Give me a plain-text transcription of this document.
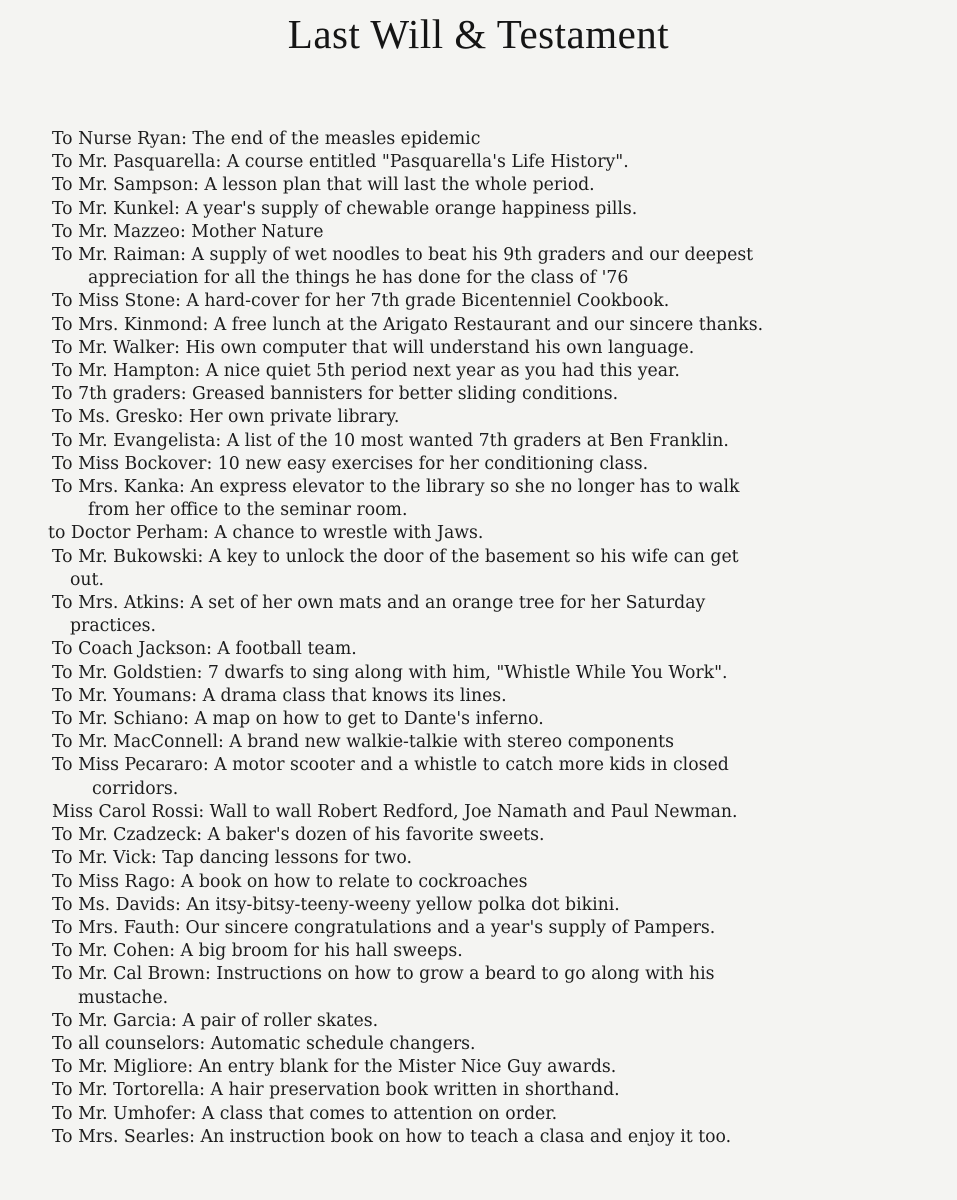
Last Will & Testament
To Nurse Ryan: The end of the measles epidemic
To Mr. Pasquarella: A course entitled "Pasquarella's Life History".
To Mr. Sampson: A lesson plan that will last the whole period.
To Mr. Kunkel: A year's supply of chewable orange happiness pills.
To Mr. Mazzeo: Mother Nature
To Mr. Raiman: A supply of wet noodles to beat his 9th graders and our deepest
appreciation for all the things he has done for the class of '76
To Miss Stone: A hard-cover for her 7th grade Bicentenniel Cookbook.
To Mrs. Kinmond: A free lunch at the Arigato Restaurant and our sincere thanks.
To Mr. Walker: His own computer that will understand his own language.
To Mr. Hampton: A nice quiet 5th period next year as you had this year.
To 7th graders: Greased bannisters for better sliding conditions.
To Ms. Gresko: Her own private library.
To Mr. Evangelista: A list of the 10 most wanted 7th graders at Ben Franklin.
To Miss Bockover: 10 new easy exercises for her conditioning class.
To Mrs. Kanka: An express elevator to the library so she no longer has to walk
from her office to the seminar room.
to Doctor Perham: A chance to wrestle with Jaws.
To Mr. Bukowski: A key to unlock the door of the basement so his wife can get
out.
To Mrs. Atkins: A set of her own mats and an orange tree for her Saturday
practices.
To Coach Jackson: A football team.
To Mr. Goldstien: 7 dwarfs to sing along with him, "Whistle While You Work".
To Mr. Youmans: A drama class that knows its lines.
To Mr. Schiano: A map on how to get to Dante's inferno.
To Mr. MacConnell: A brand new walkie-talkie with stereo components
To Miss Pecararo: A motor scooter and a whistle to catch more kids in closed
corridors.
Miss Carol Rossi: Wall to wall Robert Redford, Joe Namath and Paul Newman.
To Mr. Czadzeck: A baker's dozen of his favorite sweets.
To Mr. Vick: Tap dancing lessons for two.
To Miss Rago: A book on how to relate to cockroaches
To Ms. Davids: An itsy-bitsy-teeny-weeny yellow polka dot bikini.
To Mrs. Fauth: Our sincere congratulations and a year's supply of Pampers.
To Mr. Cohen: A big broom for his hall sweeps.
To Mr. Cal Brown: Instructions on how to grow a beard to go along with his
mustache.
To Mr. Garcia: A pair of roller skates.
To all counselors: Automatic schedule changers.
To Mr. Migliore: An entry blank for the Mister Nice Guy awards.
To Mr. Tortorella: A hair preservation book written in shorthand.
To Mr. Umhofer: A class that comes to attention on order.
To Mrs. Searles: An instruction book on how to teach a clasa and enjoy it too.
